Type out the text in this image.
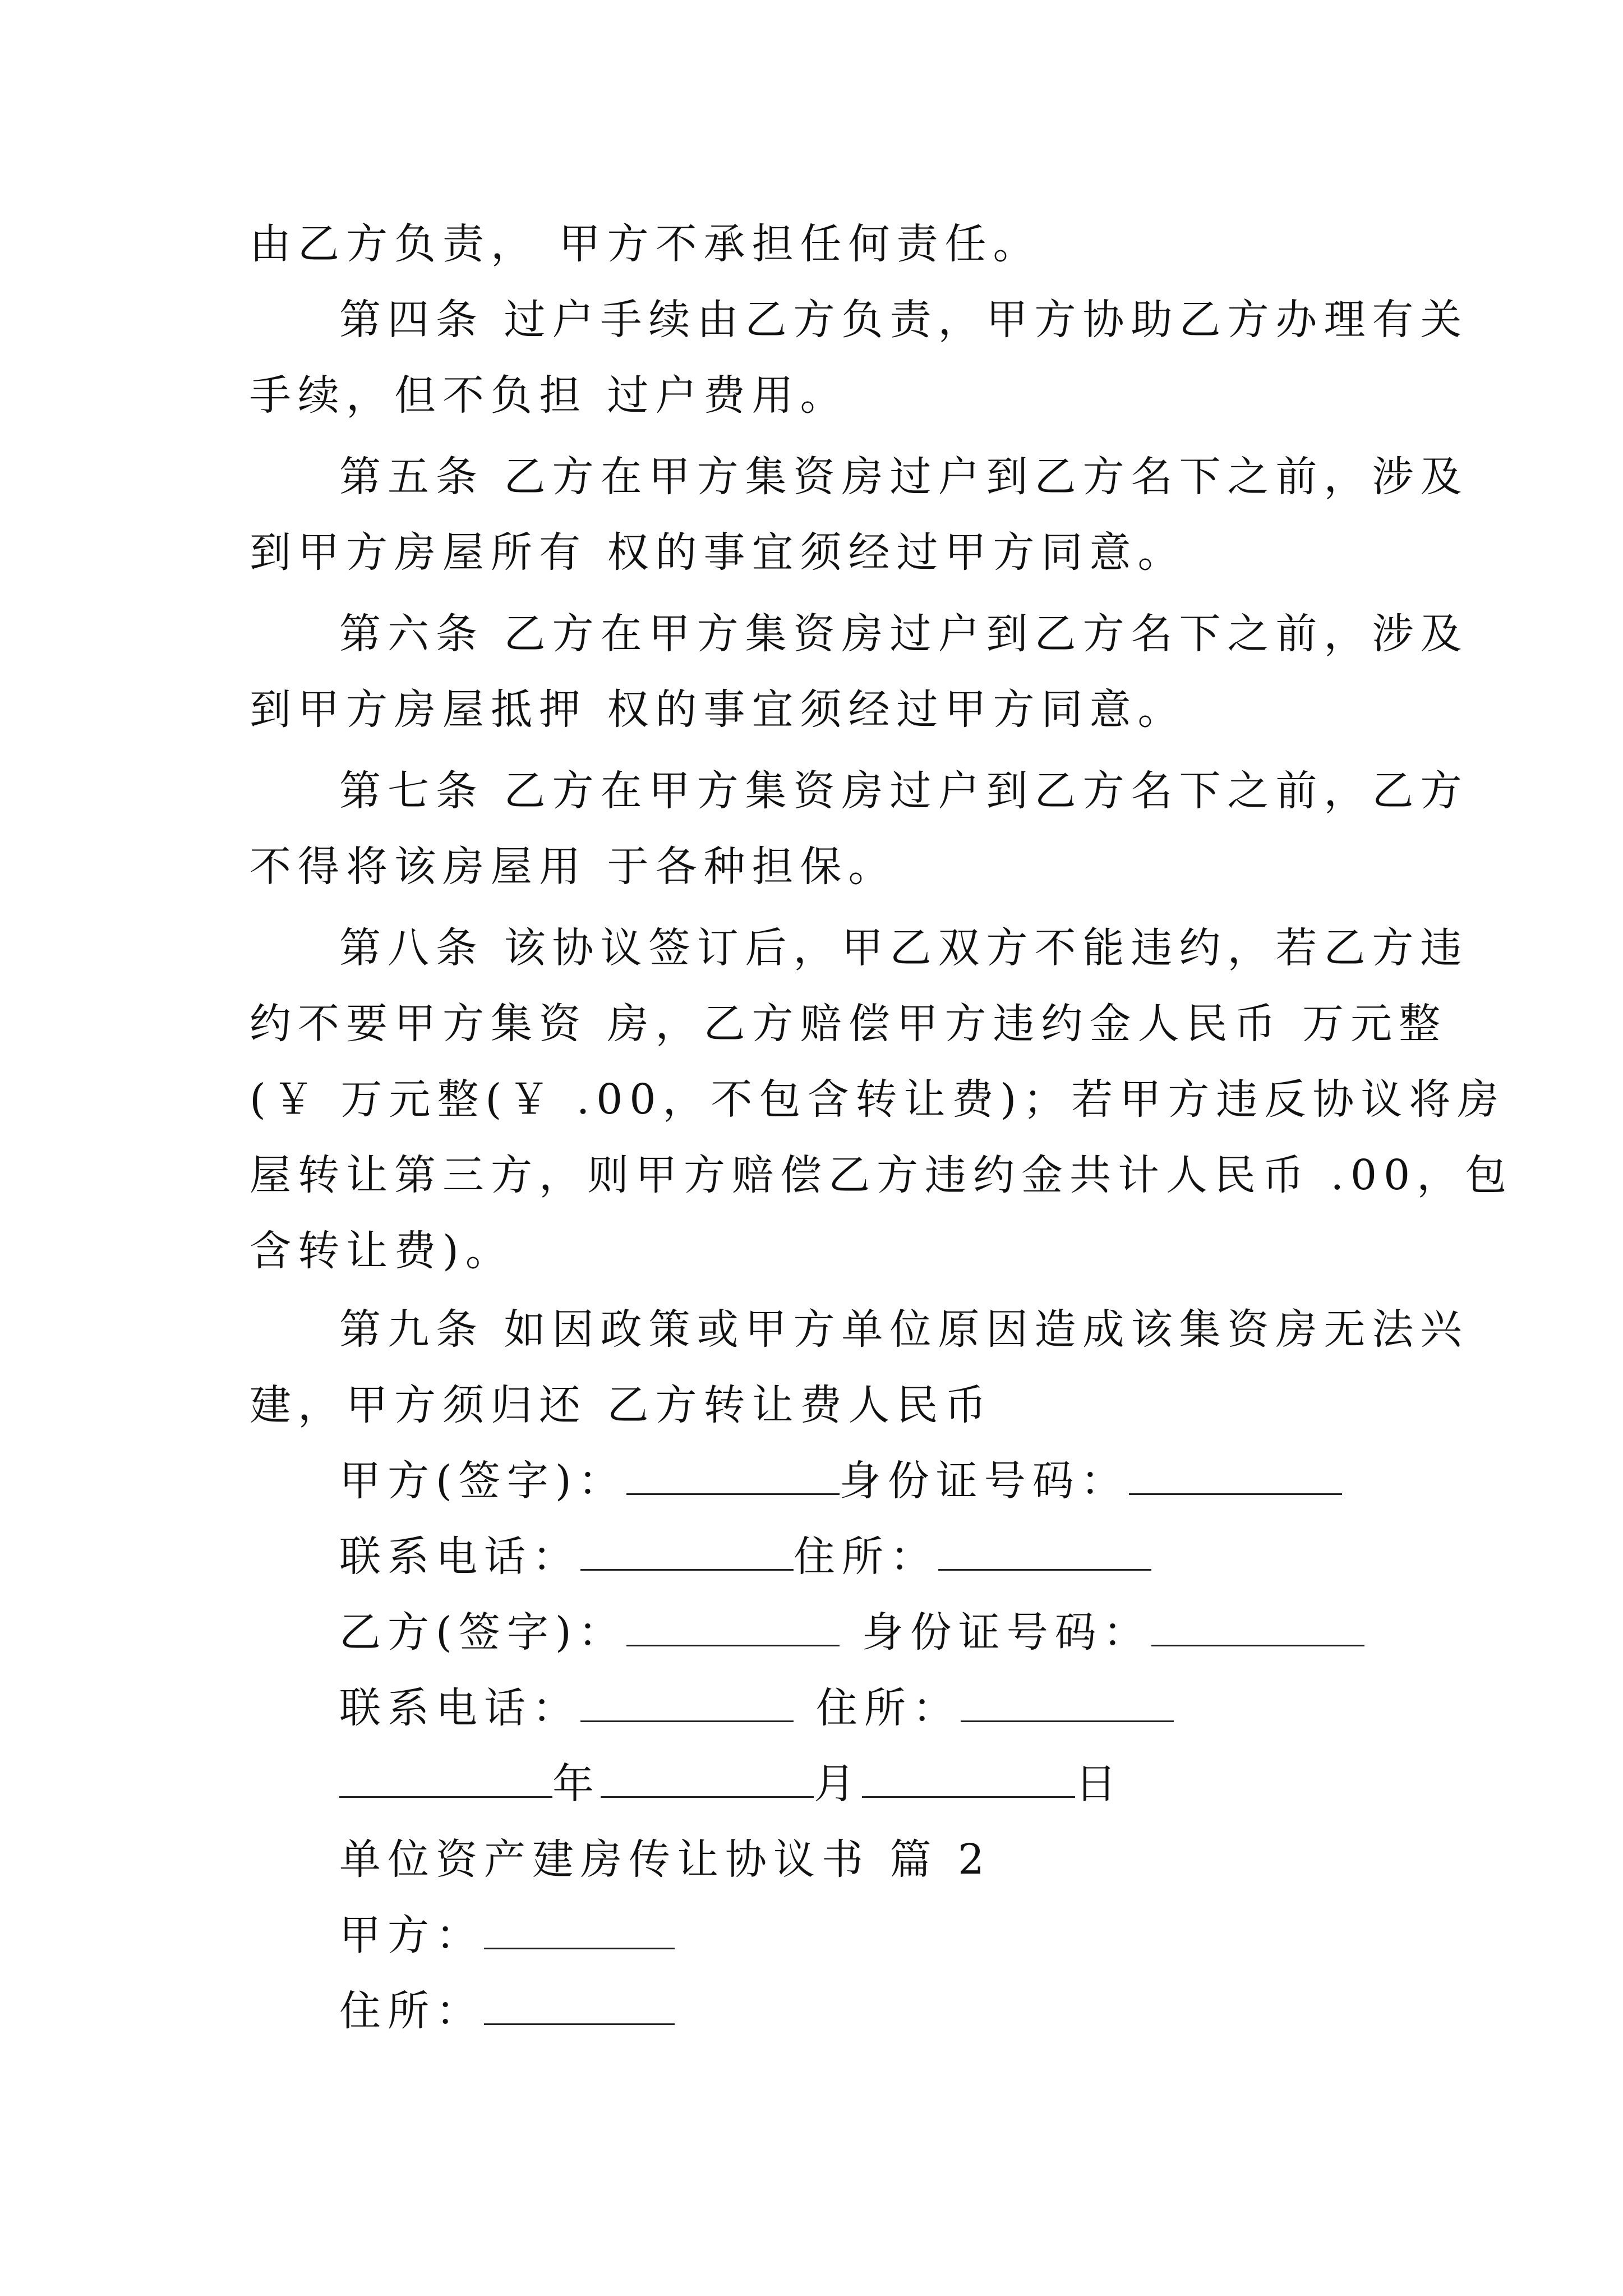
由乙方负责， 甲方不承担任何责任。
第四条 过户手续由乙方负责，甲方协助乙方办理有关
手续，但不负担 过户费用。
第五条 乙方在甲方集资房过户到乙方名下之前，涉及
到甲方房屋所有 权的事宜须经过甲方同意。
第六条 乙方在甲方集资房过户到乙方名下之前，涉及
到甲方房屋抵押 权的事宜须经过甲方同意。
第七条 乙方在甲方集资房过户到乙方名下之前，乙方
不得将该房屋用 于各种担保。
第八条 该协议签订后，甲乙双方不能违约，若乙方违
约不要甲方集资 房，乙方赔偿甲方违约金人民币 万元整
(￥ 万元整(￥ .00，不包含转让费)；若甲方违反协议将房
屋转让第三方，则甲方赔偿乙方违约金共计人民币 .00，包
含转让费)。
第九条 如因政策或甲方单位原因造成该集资房无法兴
建，甲方须归还 乙方转让费人民币
甲方(签字)：	身份证号码：
联系电话：	住所：
乙方(签字)：	身份证号码：
联系电话：	住所：
年	月	日
单位资产建房传让协议书 篇 2
甲方：
住所：
